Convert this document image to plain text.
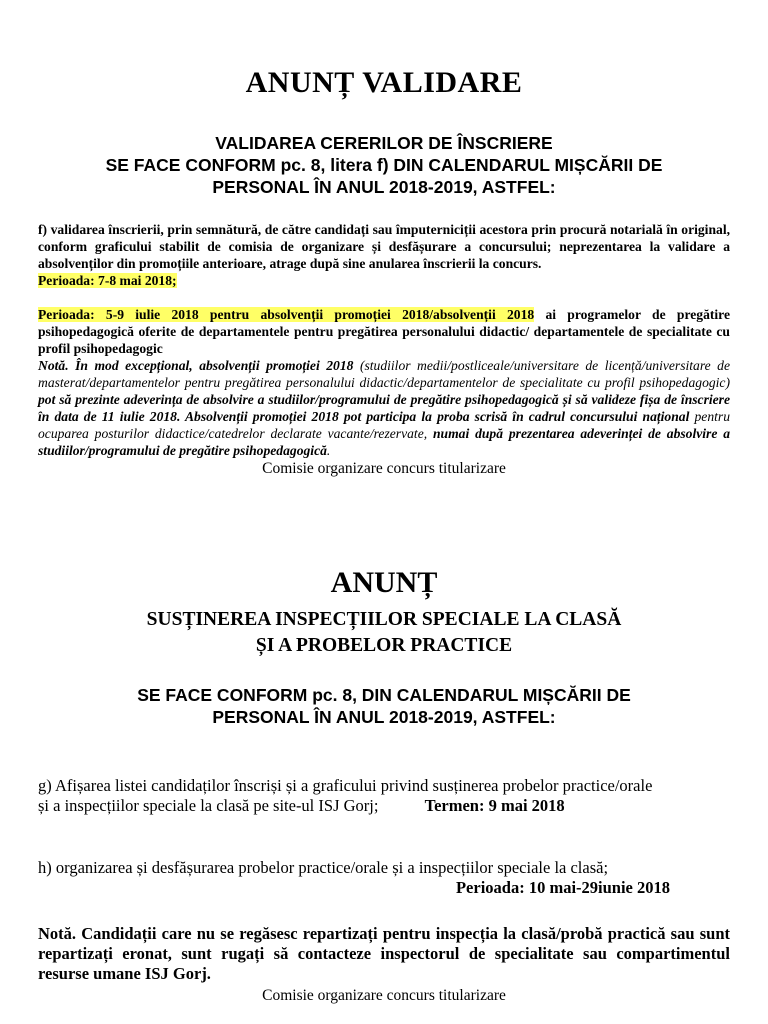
ANUNȚ VALIDARE
VALIDAREA CERERILOR DE ÎNSCRIERE
SE FACE CONFORM pc. 8, litera f) DIN CALENDARUL MIȘCĂRII DE
PERSONAL ÎN ANUL 2018-2019, ASTFEL:

f) validarea înscrierii, prin semnătură, de către candidați sau împuterniciții acestora prin procură notarială în original, conform graficului stabilit de comisia de organizare și desfășurare a concursului; neprezentarea la validare a absolvenților din promoțiile anterioare, atrage după sine anularea înscrierii la concurs.
Perioada: 7-8 mai 2018;

Perioada: 5-9 iulie 2018 pentru absolvenții promoției 2018/absolvenții 2018 ai programelor de pregătire psihopedagogică oferite de departamentele pentru pregătirea personalului didactic/ departamentele de specialitate cu profil psihopedagogic

Notă. În mod excepțional, absolvenții promoției 2018 (studiilor medii/postliceale/universitare de licență/universitare de masterat/departamentelor pentru pregătirea personalului didactic/departamentelor de specialitate cu profil psihopedagogic) pot să prezinte adeverința de absolvire a studiilor/programului de pregătire psihopedagogică și să valideze fișa de înscriere în data de 11 iulie 2018. Absolvenții promoției 2018 pot participa la proba scrisă în cadrul concursului național pentru ocuparea posturilor didactice/catedrelor declarate vacante/rezervate, numai după prezentarea adeverinței de absolvire a studiilor/programului de pregătire psihopedagogică.

Comisie organizare concurs titularizare
ANUNȚ
SUSȚINEREA INSPECȚIILOR SPECIALE LA CLASĂ
ȘI A PROBELOR PRACTICE
SE FACE CONFORM pc. 8, DIN CALENDARUL MIȘCĂRII DE
PERSONAL ÎN ANUL 2018-2019, ASTFEL:
g) Afișarea listei candidaților înscriși și a graficului privind susținerea probelor practice/orale
și a inspecțiilor speciale la clasă pe site-ul ISJ Gorj;	Termen: 9 mai 2018
h) organizarea și desfășurarea probelor practice/orale și a inspecțiilor speciale la clasă;
Perioada: 10 mai-29iunie 2018

Notă. Candidații care nu se regăsesc repartizați pentru inspecția la clasă/probă practică sau sunt repartizați eronat, sunt rugați să contacteze inspectorul de specialitate sau compartimentul resurse umane ISJ Gorj.

Comisie organizare concurs titularizare
